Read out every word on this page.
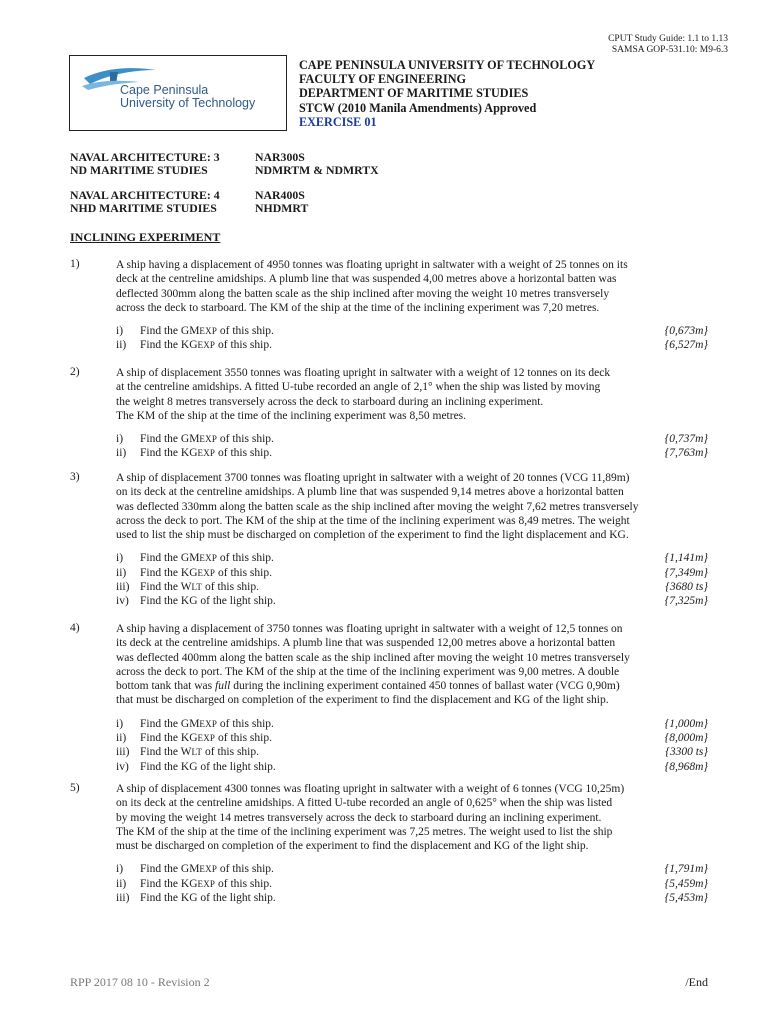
CPUT Study Guide: 1.1 to 1.13
SAMSA GOP-531.10: M9-6.3
Cape Peninsula
University of Technology
CAPE PENINSULA UNIVERSITY OF TECHNOLOGY
FACULTY OF ENGINEERING
DEPARTMENT OF MARITIME STUDIES
STCW (2010 Manila Amendments) Approved
EXERCISE 01
NAVAL ARCHITECTURE: 3	NAR300S
ND MARITIME STUDIES	NDMRTM & NDMRTX
NAVAL ARCHITECTURE: 4	NAR400S
NHD MARITIME STUDIES	NHDMRT
INCLINING EXPERIMENT
1)	A ship having a displacement of 4950 tonnes was floating upright in saltwater with a weight of 25 tonnes on its

deck at the centreline amidships. A plumb line that was suspended 4,00 metres above a horizontal batten was

deflected 300mm along the batten scale as the ship inclined after moving the weight 10 metres transversely

across the deck to starboard. The KM of the ship at the time of the inclining experiment was 7,20 metres.

i) Find the GMEXP of this ship.	{0,673m}
ii) Find the KGEXP of this ship.	{6,527m}
2)	A ship of displacement 3550 tonnes was floating upright in saltwater with a weight of 12 tonnes on its deck

at the centreline amidships. A fitted U-tube recorded an angle of 2,1° when the ship was listed by moving

the weight 8 metres transversely across the deck to starboard during an inclining experiment.

The KM of the ship at the time of the inclining experiment was 8,50 metres.

i) Find the GMEXP of this ship.	{0,737m}
ii) Find the KGEXP of this ship.	{7,763m}
3)	A ship of displacement 3700 tonnes was floating upright in saltwater with a weight of 20 tonnes (VCG 11,89m)

on its deck at the centreline amidships. A plumb line that was suspended 9,14 metres above a horizontal batten

was deflected 330mm along the batten scale as the ship inclined after moving the weight 7,62 metres transversely

across the deck to port. The KM of the ship at the time of the inclining experiment was 8,49 metres. The weight

used to list the ship must be discharged on completion of the experiment to find the light displacement and KG.

i) Find the GMEXP of this ship.	{1,141m}
ii) Find the KGEXP of this ship.	{7,349m}
iii) Find the WLT of this ship.	{3680 ts}
iv) Find the KG of the light ship.	{7,325m}
4)	A ship having a displacement of 3750 tonnes was floating upright in saltwater with a weight of 12,5 tonnes on

its deck at the centreline amidships. A plumb line that was suspended 12,00 metres above a horizontal batten

was deflected 400mm along the batten scale as the ship inclined after moving the weight 10 metres transversely

across the deck to port. The KM of the ship at the time of the inclining experiment was 9,00 metres. A double

bottom tank that was full during the inclining experiment contained 450 tonnes of ballast water (VCG 0,90m)

that must be discharged on completion of the experiment to find the displacement and KG of the light ship.

i) Find the GMEXP of this ship.	{1,000m}
ii) Find the KGEXP of this ship.	{8,000m}
iii) Find the WLT of this ship.	{3300 ts}
iv) Find the KG of the light ship.	{8,968m}
5)	A ship of displacement 4300 tonnes was floating upright in saltwater with a weight of 6 tonnes (VCG 10,25m)

on its deck at the centreline amidships. A fitted U-tube recorded an angle of 0,625° when the ship was listed

by moving the weight 14 metres transversely across the deck to starboard during an inclining experiment.

The KM of the ship at the time of the inclining experiment was 7,25 metres. The weight used to list the ship

must be discharged on completion of the experiment to find the displacement and KG of the light ship.

i) Find the GMEXP of this ship.	{1,791m}
ii) Find the KGEXP of this ship.	{5,459m}
iii) Find the KG of the light ship.	{5,453m}
RPP 2017 08 10 - Revision 2	/End
